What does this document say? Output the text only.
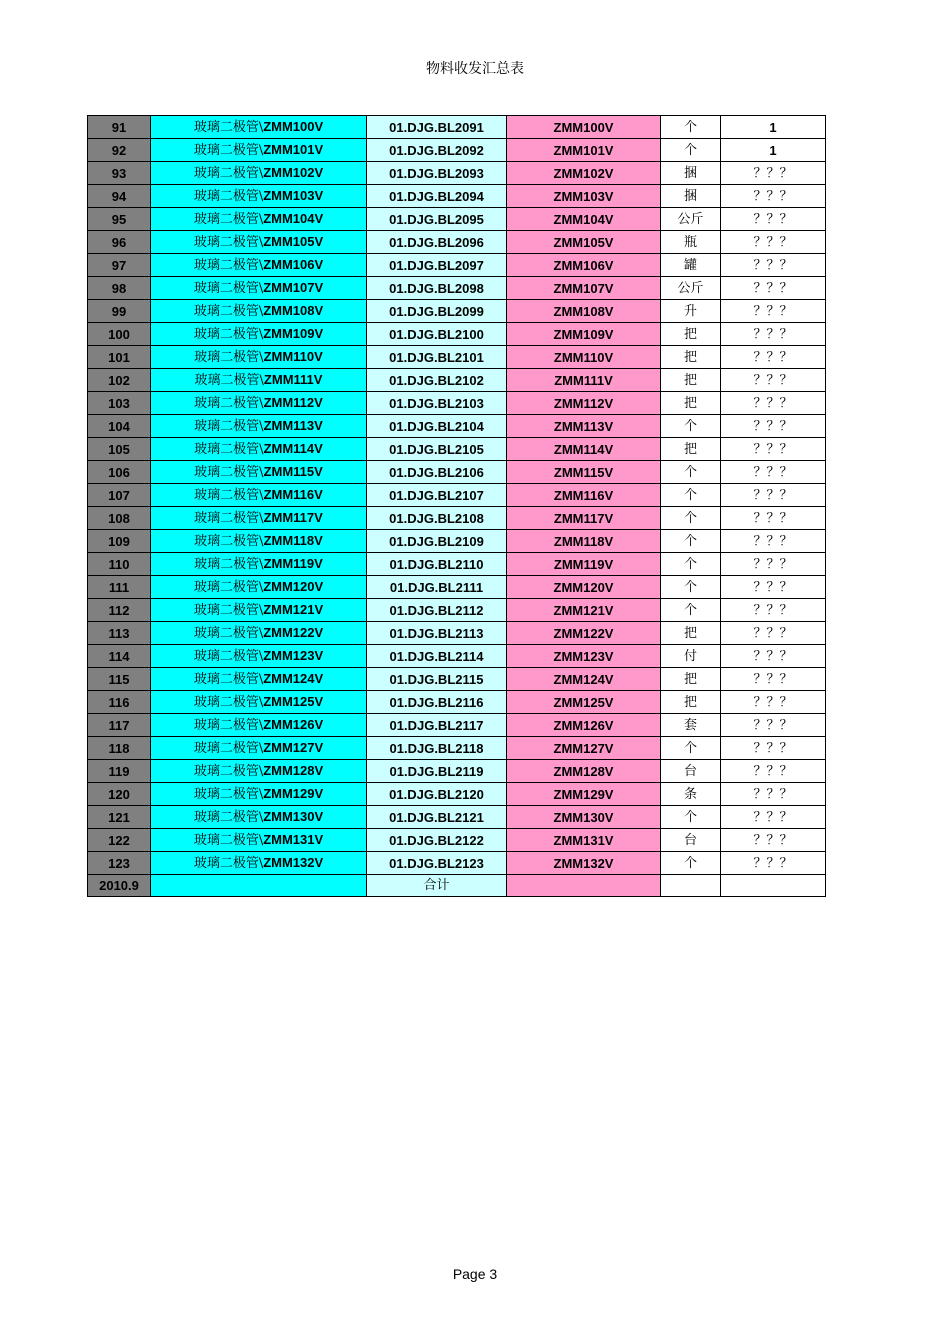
物料收发汇总表
91	玻璃二极管\ZMM100V	01.DJG.BL2091	ZMM100V	个	1
92	玻璃二极管\ZMM101V	01.DJG.BL2092	ZMM101V	个	1
93	玻璃二极管\ZMM102V	01.DJG.BL2093	ZMM102V	捆	？？？
94	玻璃二极管\ZMM103V	01.DJG.BL2094	ZMM103V	捆	？？？
95	玻璃二极管\ZMM104V	01.DJG.BL2095	ZMM104V	公斤	？？？
96	玻璃二极管\ZMM105V	01.DJG.BL2096	ZMM105V	瓶	？？？
97	玻璃二极管\ZMM106V	01.DJG.BL2097	ZMM106V	罐	？？？
98	玻璃二极管\ZMM107V	01.DJG.BL2098	ZMM107V	公斤	？？？
99	玻璃二极管\ZMM108V	01.DJG.BL2099	ZMM108V	升	？？？
100	玻璃二极管\ZMM109V	01.DJG.BL2100	ZMM109V	把	？？？
101	玻璃二极管\ZMM110V	01.DJG.BL2101	ZMM110V	把	？？？
102	玻璃二极管\ZMM111V	01.DJG.BL2102	ZMM111V	把	？？？
103	玻璃二极管\ZMM112V	01.DJG.BL2103	ZMM112V	把	？？？
104	玻璃二极管\ZMM113V	01.DJG.BL2104	ZMM113V	个	？？？
105	玻璃二极管\ZMM114V	01.DJG.BL2105	ZMM114V	把	？？？
106	玻璃二极管\ZMM115V	01.DJG.BL2106	ZMM115V	个	？？？
107	玻璃二极管\ZMM116V	01.DJG.BL2107	ZMM116V	个	？？？
108	玻璃二极管\ZMM117V	01.DJG.BL2108	ZMM117V	个	？？？
109	玻璃二极管\ZMM118V	01.DJG.BL2109	ZMM118V	个	？？？
110	玻璃二极管\ZMM119V	01.DJG.BL2110	ZMM119V	个	？？？
111	玻璃二极管\ZMM120V	01.DJG.BL2111	ZMM120V	个	？？？
112	玻璃二极管\ZMM121V	01.DJG.BL2112	ZMM121V	个	？？？
113	玻璃二极管\ZMM122V	01.DJG.BL2113	ZMM122V	把	？？？
114	玻璃二极管\ZMM123V	01.DJG.BL2114	ZMM123V	付	？？？
115	玻璃二极管\ZMM124V	01.DJG.BL2115	ZMM124V	把	？？？
116	玻璃二极管\ZMM125V	01.DJG.BL2116	ZMM125V	把	？？？
117	玻璃二极管\ZMM126V	01.DJG.BL2117	ZMM126V	套	？？？
118	玻璃二极管\ZMM127V	01.DJG.BL2118	ZMM127V	个	？？？
119	玻璃二极管\ZMM128V	01.DJG.BL2119	ZMM128V	台	？？？
120	玻璃二极管\ZMM129V	01.DJG.BL2120	ZMM129V	条	？？？
121	玻璃二极管\ZMM130V	01.DJG.BL2121	ZMM130V	个	？？？
122	玻璃二极管\ZMM131V	01.DJG.BL2122	ZMM131V	台	？？？
123	玻璃二极管\ZMM132V	01.DJG.BL2123	ZMM132V	个	？？？
2010.9		合计			
Page 3
